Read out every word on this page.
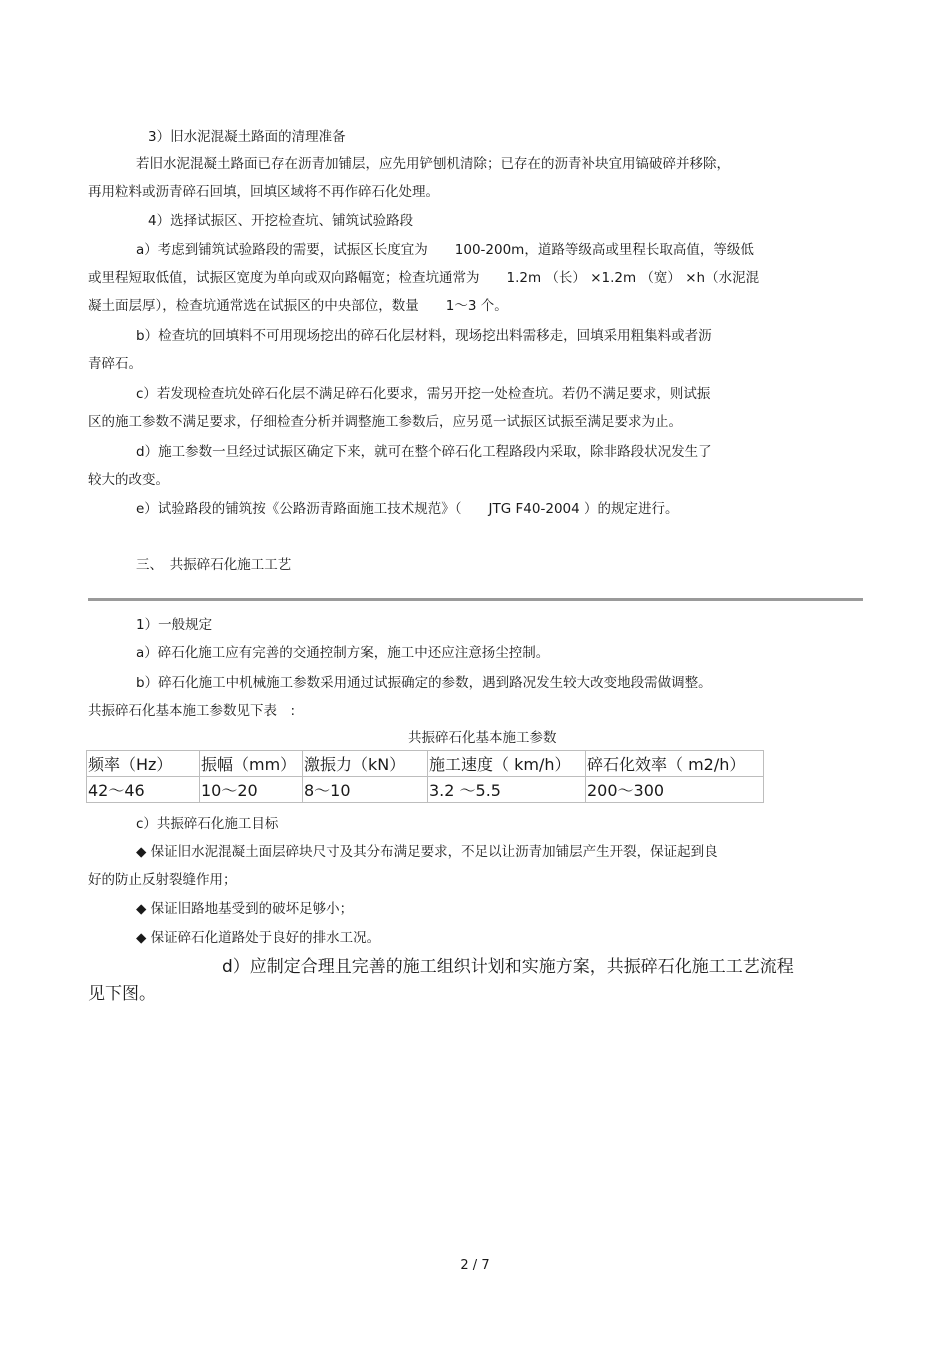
3）旧水泥混凝土路面的清理准备
若旧水泥混凝土路面已存在沥青加铺层，应先用铲刨机清除；已存在的沥青补块宜用镐破碎并移除，
再用粒料或沥青碎石回填，回填区域将不再作碎石化处理。
4）选择试振区、开挖检查坑、铺筑试验路段
a）考虑到铺筑试验路段的需要，试振区长度宜为　　100-200m，道路等级高或里程长取高值，等级低
或里程短取低值，试振区宽度为单向或双向路幅宽；检查坑通常为　　1.2m （长） ×1.2m （宽） ×h（水泥混
凝土面层厚），检查坑通常选在试振区的中央部位，数量　　1～3 个。
b）检查坑的回填料不可用现场挖出的碎石化层材料，现场挖出料需移走，回填采用粗集料或者沥
青碎石。
c）若发现检查坑处碎石化层不满足碎石化要求，需另开挖一处检查坑。若仍不满足要求，则试振
区的施工参数不满足要求，仔细检查分析并调整施工参数后，应另觅一试振区试振至满足要求为止。
d）施工参数一旦经过试振区确定下来，就可在整个碎石化工程路段内采取，除非路段状况发生了
较大的改变。
e）试验路段的铺筑按《公路沥青路面施工技术规范》（　　JTG F40-2004 ）的规定进行。
三、　共振碎石化施工工艺
1）一般规定
a）碎石化施工应有完善的交通控制方案，施工中还应注意扬尘控制。
b）碎石化施工中机械施工参数采用通过试振确定的参数，遇到路况发生较大改变地段需做调整。
共振碎石化基本施工参数见下表　:
共振碎石化基本施工参数
频率（Hz）	振幅（mm）	激振力（kN）	施工速度（ km/h）	碎石化效率（ m2/h）
42～46	10～20	8～10	3.2 ～5.5	200～300
c）共振碎石化施工目标
◆ 保证旧水泥混凝土面层碎块尺寸及其分布满足要求，不足以让沥青加铺层产生开裂，保证起到良
好的防止反射裂缝作用；
◆ 保证旧路地基受到的破坏足够小；
◆ 保证碎石化道路处于良好的排水工况。
d）应制定合理且完善的施工组织计划和实施方案，共振碎石化施工工艺流程
见下图。
2 / 7
